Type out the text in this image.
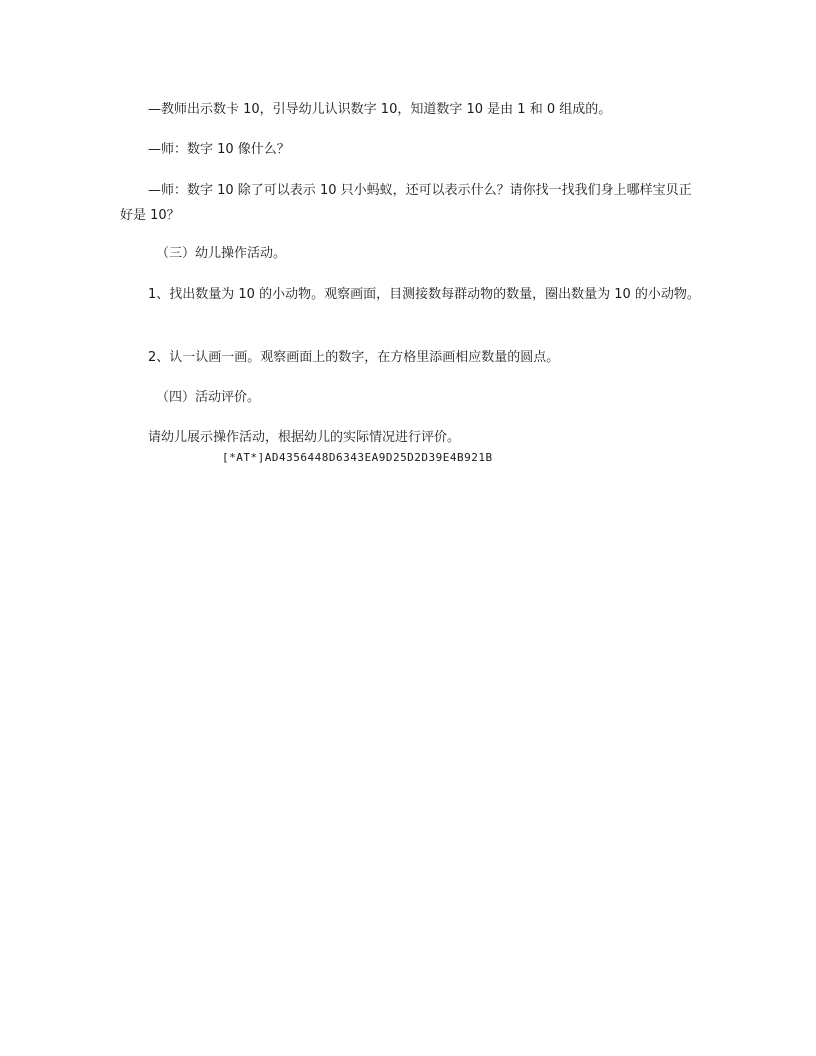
—教师出示数卡 10，引导幼儿认识数字 10，知道数字 10 是由 1 和 0 组成的。

—师：数字 10 像什么？

—师：数字 10 除了可以表示 10 只小蚂蚁，还可以表示什么？请你找一找我们身上哪样宝贝正好是 10？

（三）幼儿操作活动。

1、找出数量为 10 的小动物。观察画面，目测接数每群动物的数量，圈出数量为 10 的小动物。

2、认一认画一画。观察画面上的数字，在方格里添画相应数量的圆点。

（四）活动评价。

请幼儿展示操作活动，根据幼儿的实际情况进行评价。

[*AT*]AD4356448D6343EA9D25D2D39E4B921B
